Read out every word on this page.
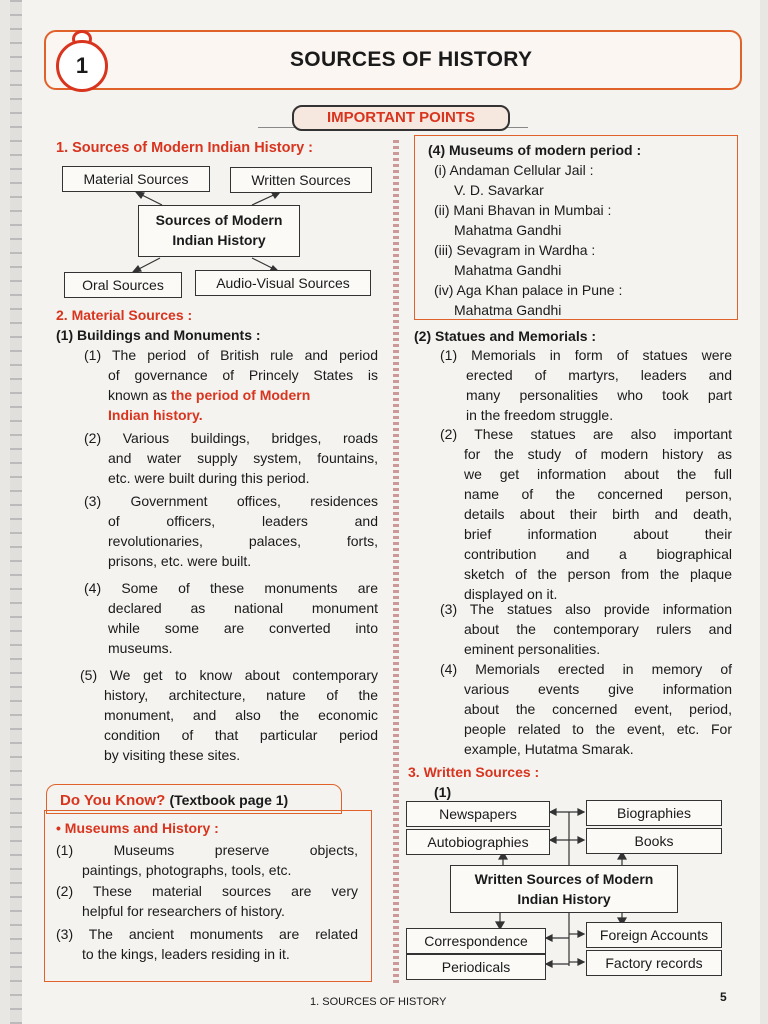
1	SOURCES OF HISTORY
IMPORTANT POINTS
1. Sources of Modern Indian History :
Material Sources	Written Sources
Sources of Modern
Indian History
Oral Sources	Audio-Visual Sources
2. Material Sources :
(1) Buildings and Monuments :
(1) The period of British rule and period
of governance of Princely States is
known as the period of Modern
Indian history.
(2) Various buildings, bridges, roads
and water supply system, fountains,
etc. were built during this period.
(3) Government offices, residences
of officers, leaders and
revolutionaries, palaces, forts,
prisons, etc. were built.
(4) Some of these monuments are
declared as national monument
while some are converted into
museums.
(5) We get to know about contemporary
history, architecture, nature of the
monument, and also the economic
condition of that particular period
by visiting these sites.
Do You Know? (Textbook page 1)
• Museums and History :
(1) Museums preserve objects,
paintings, photographs, tools, etc.
(2) These material sources are very
helpful for researchers of history.
(3) The ancient monuments are related
to the kings, leaders residing in it.
(4) Museums of modern period :
(i) Andaman Cellular Jail :
V. D. Savarkar
(ii) Mani Bhavan in Mumbai :
Mahatma Gandhi
(iii) Sevagram in Wardha :
Mahatma Gandhi
(iv) Aga Khan palace in Pune :
Mahatma Gandhi
(2) Statues and Memorials :
(1) Memorials in form of statues were
erected of martyrs, leaders and
many personalities who took part
in the freedom struggle.
(2) These statues are also important
for the study of modern history as
we get information about the full
name of the concerned person,
details about their birth and death,
brief information about their
contribution and a biographical
sketch of the person from the plaque
displayed on it.
(3) The statues also provide information
about the contemporary rulers and
eminent personalities.
(4) Memorials erected in memory of
various events give information
about the concerned event, period,
people related to the event, etc. For
example, Hutatma Smarak.
3. Written Sources :
(1)
Newspapers
Autobiographies
Biographies
Books
Written Sources of Modern
Indian History
Correspondence
Periodicals
Foreign Accounts
Factory records
1. SOURCES OF HISTORY	5
